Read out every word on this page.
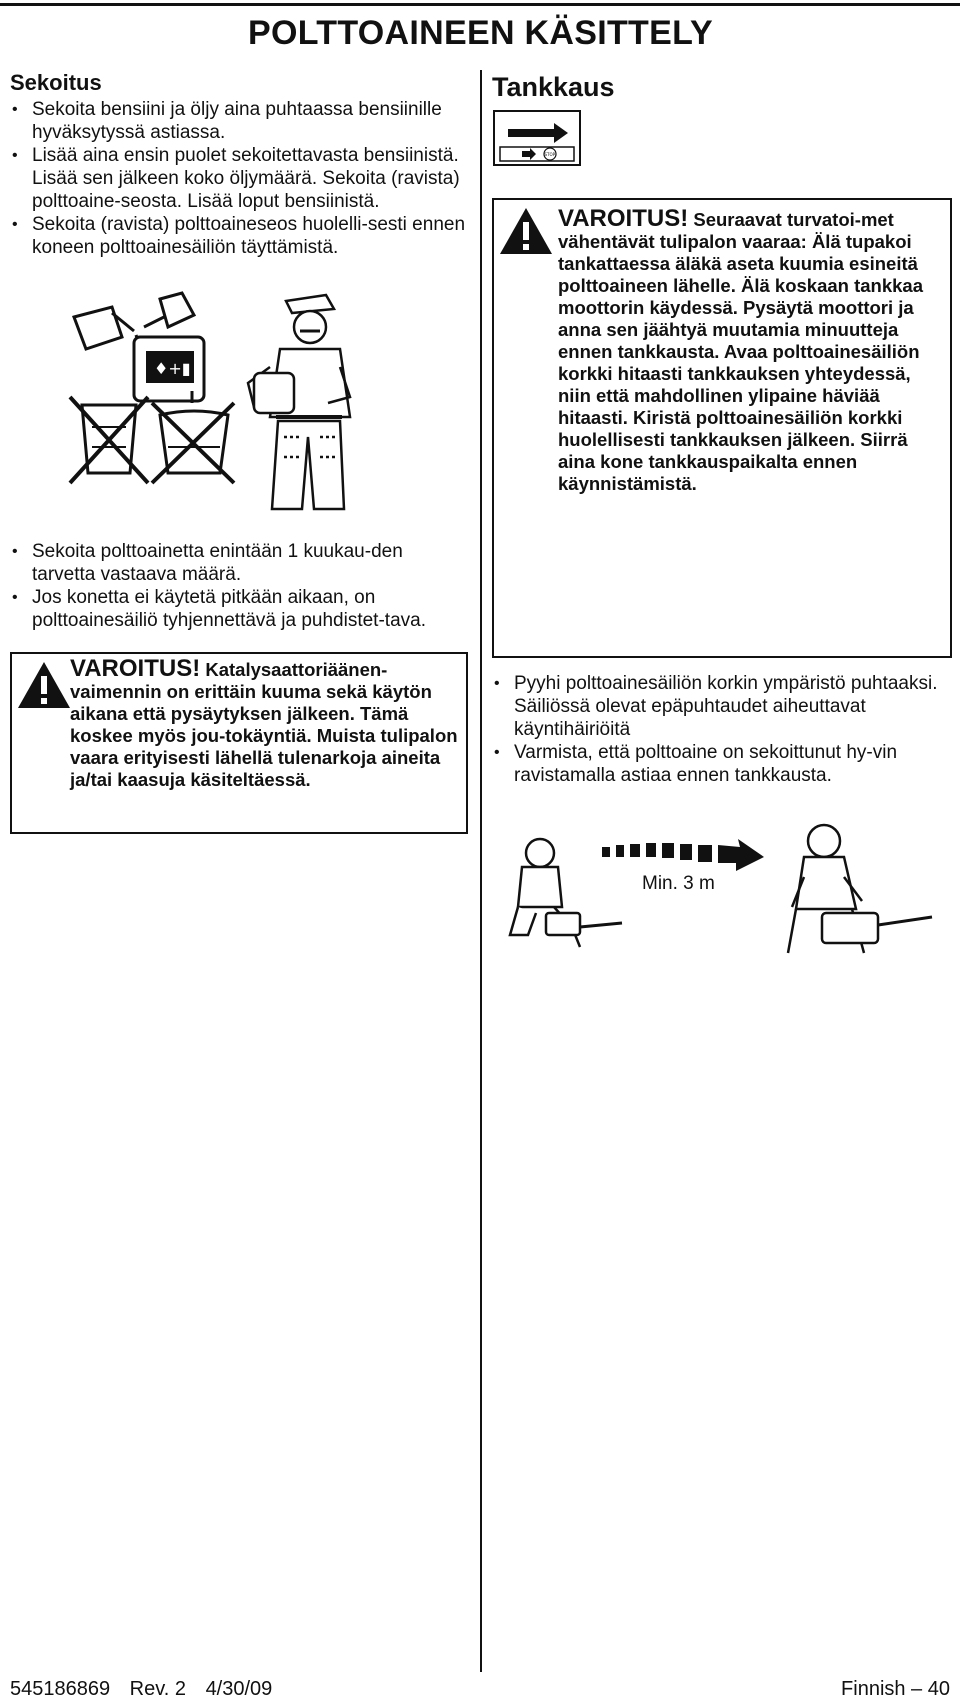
POLTTOAINEEN KÄSITTELY
Sekoitus
• Sekoita bensiini ja öljy aina puhtaassa bensiinille hyväksytyssä astiassa.
• Lisää aina ensin puolet sekoitettavasta bensiinistä. Lisää sen jälkeen koko öljymäärä. Sekoita (ravista) polttoaine-seosta. Lisää loput bensiinistä.
• Sekoita (ravista) polttoaineseos huolelli-sesti ennen koneen polttoainesäiliön täyttämistä.
♦+▮
• Sekoita polttoainetta enintään 1 kuukau-den tarvetta vastaava määrä.
• Jos konetta ei käytetä pitkään aikaan, on polttoainesäiliö tyhjennettävä ja puhdistet-tava.
VAROITUS! Katalysaattoriäänen-vaimennin on erittäin kuuma sekä käytön aikana että pysäytyksen jälkeen. Tämä koskee myös jou-tokäyntiä. Muista tulipalon vaara erityisesti lähellä tulenarkoja aineita ja/tai kaasuja käsiteltäessä.
Tankkaus
STOP
VAROITUS! Seuraavat turvatoi-met vähentävät tulipalon vaaraa: Älä tupakoi tankattaessa äläkä aseta kuumia esineitä polttoaineen lähelle. Älä koskaan tankkaa moottorin käydessä. Pysäytä moottori ja anna sen jäähtyä muutamia minuutteja ennen tankkausta. Avaa polttoainesäiliön korkki hitaasti tankkauksen yhteydessä, niin että mahdollinen ylipaine häviää hitaasti. Kiristä polttoainesäiliön korkki huolellisesti tankkauksen jälkeen. Siirrä aina kone tankkauspaikalta ennen käynnistämistä.
• Pyyhi polttoainesäiliön korkin ympäristö puhtaaksi. Säiliössä olevat epäpuhtaudet aiheuttavat käyntihäiriöitä
• Varmista, että polttoaine on sekoittunut hy-vin ravistamalla astiaa ennen tankkausta.
Min. 3 m
545186869 Rev. 2 4/30/09	Finnish – 40
